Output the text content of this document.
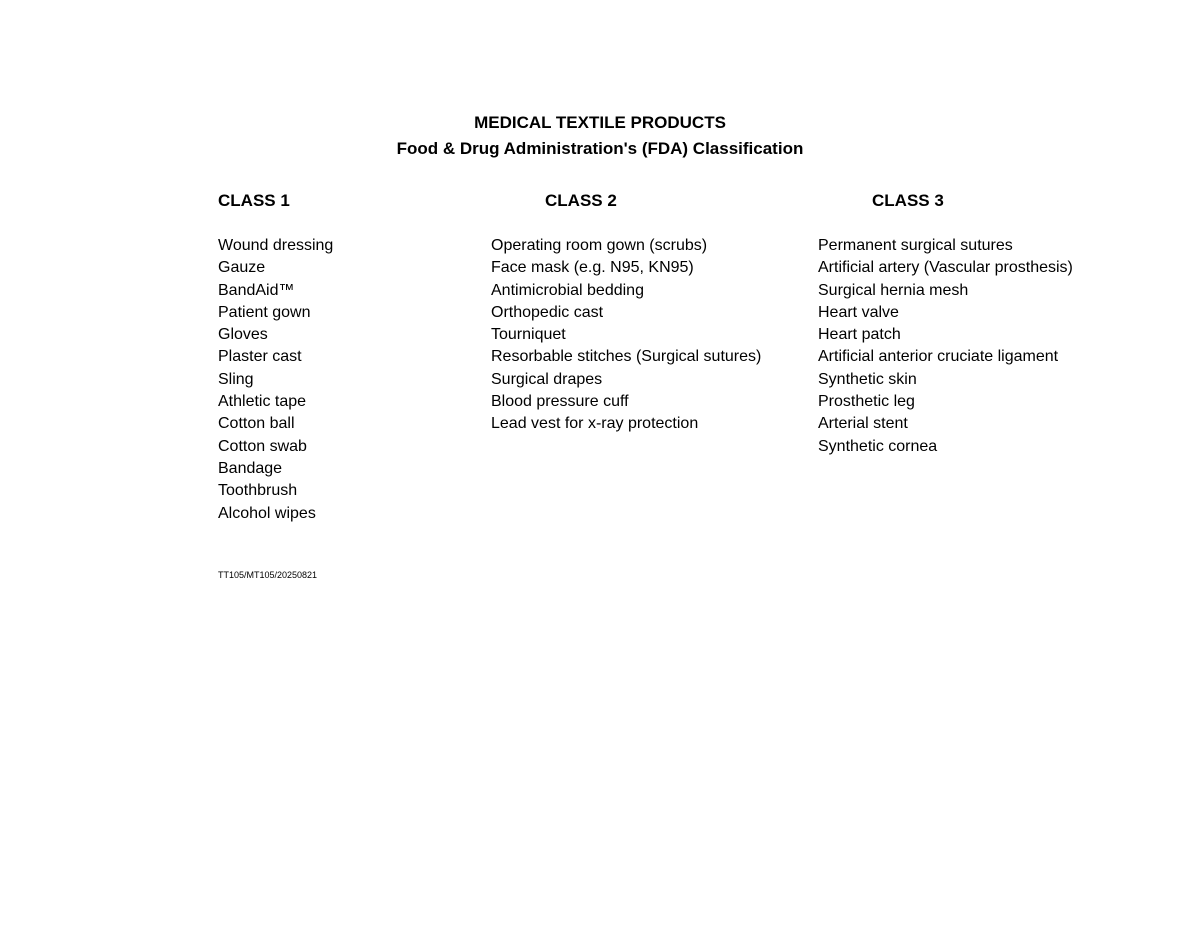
MEDICAL TEXTILE PRODUCTS
Food & Drug Administration's (FDA) Classification
CLASS 1	CLASS 2	CLASS 3
Wound dressing
Gauze
BandAid™
Patient gown
Gloves
Plaster cast
Sling
Athletic tape
Cotton ball
Cotton swab
Bandage
Toothbrush
Alcohol wipes
Operating room gown (scrubs)
Face mask (e.g. N95, KN95)
Antimicrobial bedding
Orthopedic cast
Tourniquet
Resorbable stitches (Surgical sutures)
Surgical drapes
Blood pressure cuff
Lead vest for x-ray protection
Permanent surgical sutures
Artificial artery (Vascular prosthesis)
Surgical hernia mesh
Heart valve
Heart patch
Artificial anterior cruciate ligament
Synthetic skin
Prosthetic leg
Arterial stent
Synthetic cornea

TT105/MT105/20250821
